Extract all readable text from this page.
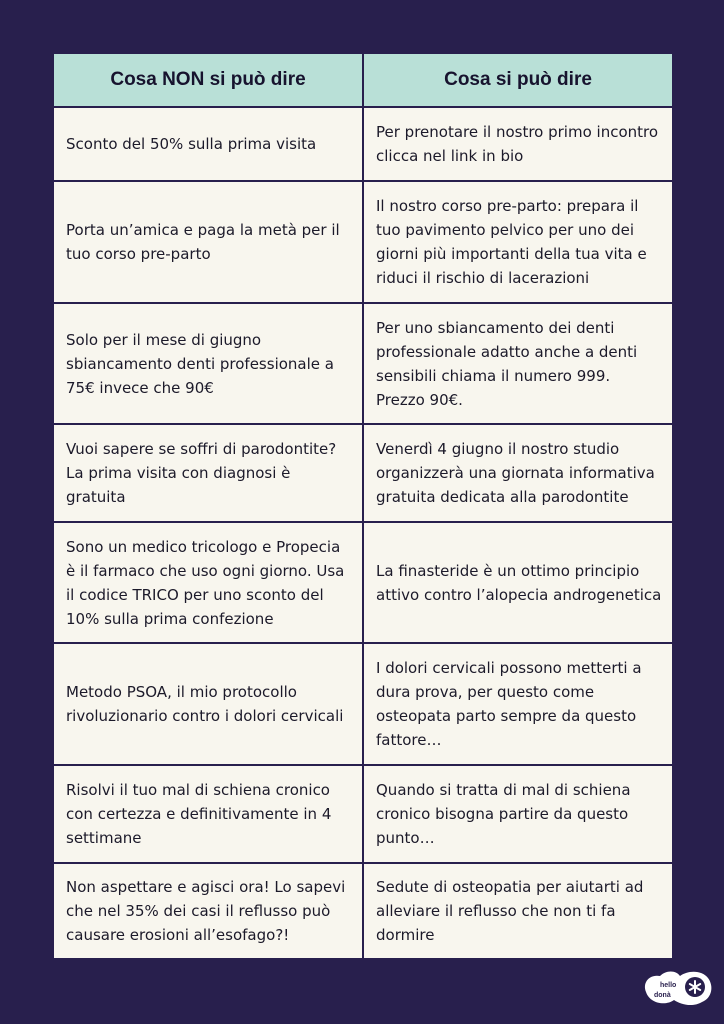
Cosa NON si può dire	Cosa si può dire
Sconto del 50% sulla prima visita	Per prenotare il nostro primo incontro clicca nel link in bio
Porta un’amica e paga la metà per il tuo corso pre-parto	Il nostro corso pre-parto: prepara il tuo pavimento pelvico per uno dei giorni più importanti della tua vita e riduci il rischio di lacerazioni
Solo per il mese di giugno sbiancamento denti professionale a 75€ invece che 90€	Per uno sbiancamento dei denti professionale adatto anche a denti sensibili chiama il numero 999. Prezzo 90€.
Vuoi sapere se soffri di parodontite? La prima visita con diagnosi è gratuita	Venerdì 4 giugno il nostro studio organizzerà una giornata informativa gratuita dedicata alla parodontite
Sono un medico tricologo e Propecia è il farmaco che uso ogni giorno. Usa il codice TRICO per uno sconto del 10% sulla prima confezione	La finasteride è un ottimo principio attivo contro l’alopecia androgenetica
Metodo PSOA, il mio protocollo rivoluzionario contro i dolori cervicali	I dolori cervicali possono metterti a dura prova, per questo come osteopata parto sempre da questo fattore…
Risolvi il tuo mal di schiena cronico con certezza e definitivamente in 4 settimane	Quando si tratta di mal di schiena cronico bisogna partire da questo punto…
Non aspettare e agisci ora! Lo sapevi che nel 35% dei casi il reflusso può causare erosioni all’esofago?!	Sedute di osteopatia per aiutarti ad alleviare il reflusso che non ti fa dormire
hello
donà
